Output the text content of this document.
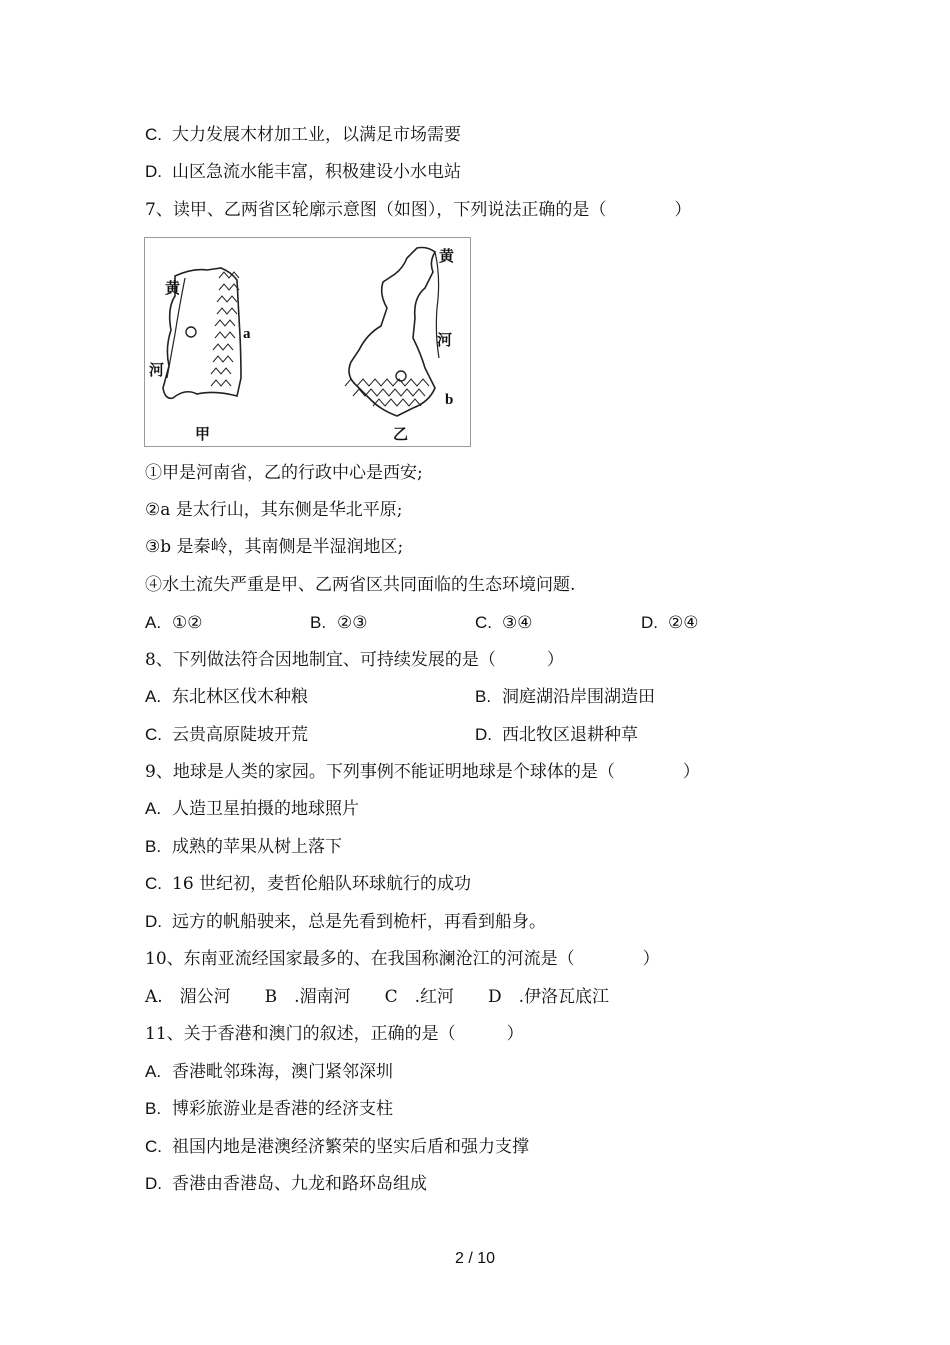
C. 大力发展木材加工业，以满足市场需要
D. 山区急流水能丰富，积极建设小水电站
7、读甲、乙两省区轮廓示意图（如图），下列说法正确的是（　　　　）
黄
河
a
甲
黄
河
b
乙
①甲是河南省，乙的行政中心是西安;
②a 是太行山，其东侧是华北平原;
③b 是秦岭，其南侧是半湿润地区;
④水土流失严重是甲、乙两省区共同面临的生态环境问题.
A. ①②	B. ②③	C. ③④	D. ②④
8、下列做法符合因地制宜、可持续发展的是（　　　）
A. 东北林区伐木种粮	B. 洞庭湖沿岸围湖造田
C. 云贵高原陡坡开荒	D. 西北牧区退耕种草
9、地球是人类的家园。下列事例不能证明地球是个球体的是（　　　　）
A. 人造卫星拍摄的地球照片
B. 成熟的苹果从树上落下
C. 16 世纪初，麦哲伦船队环球航行的成功
D. 远方的帆船驶来，总是先看到桅杆，再看到船身。
10、东南亚流经国家最多的、在我国称澜沧江的河流是（　　　　）
A.　湄公河　　B　.湄南河　　C　.红河　　D　.伊洛瓦底江
11、关于香港和澳门的叙述，正确的是（　　　）
A. 香港毗邻珠海，澳门紧邻深圳
B. 博彩旅游业是香港的经济支柱
C. 祖国内地是港澳经济繁荣的坚实后盾和强力支撑
D. 香港由香港岛、九龙和路环岛组成
2 / 10
